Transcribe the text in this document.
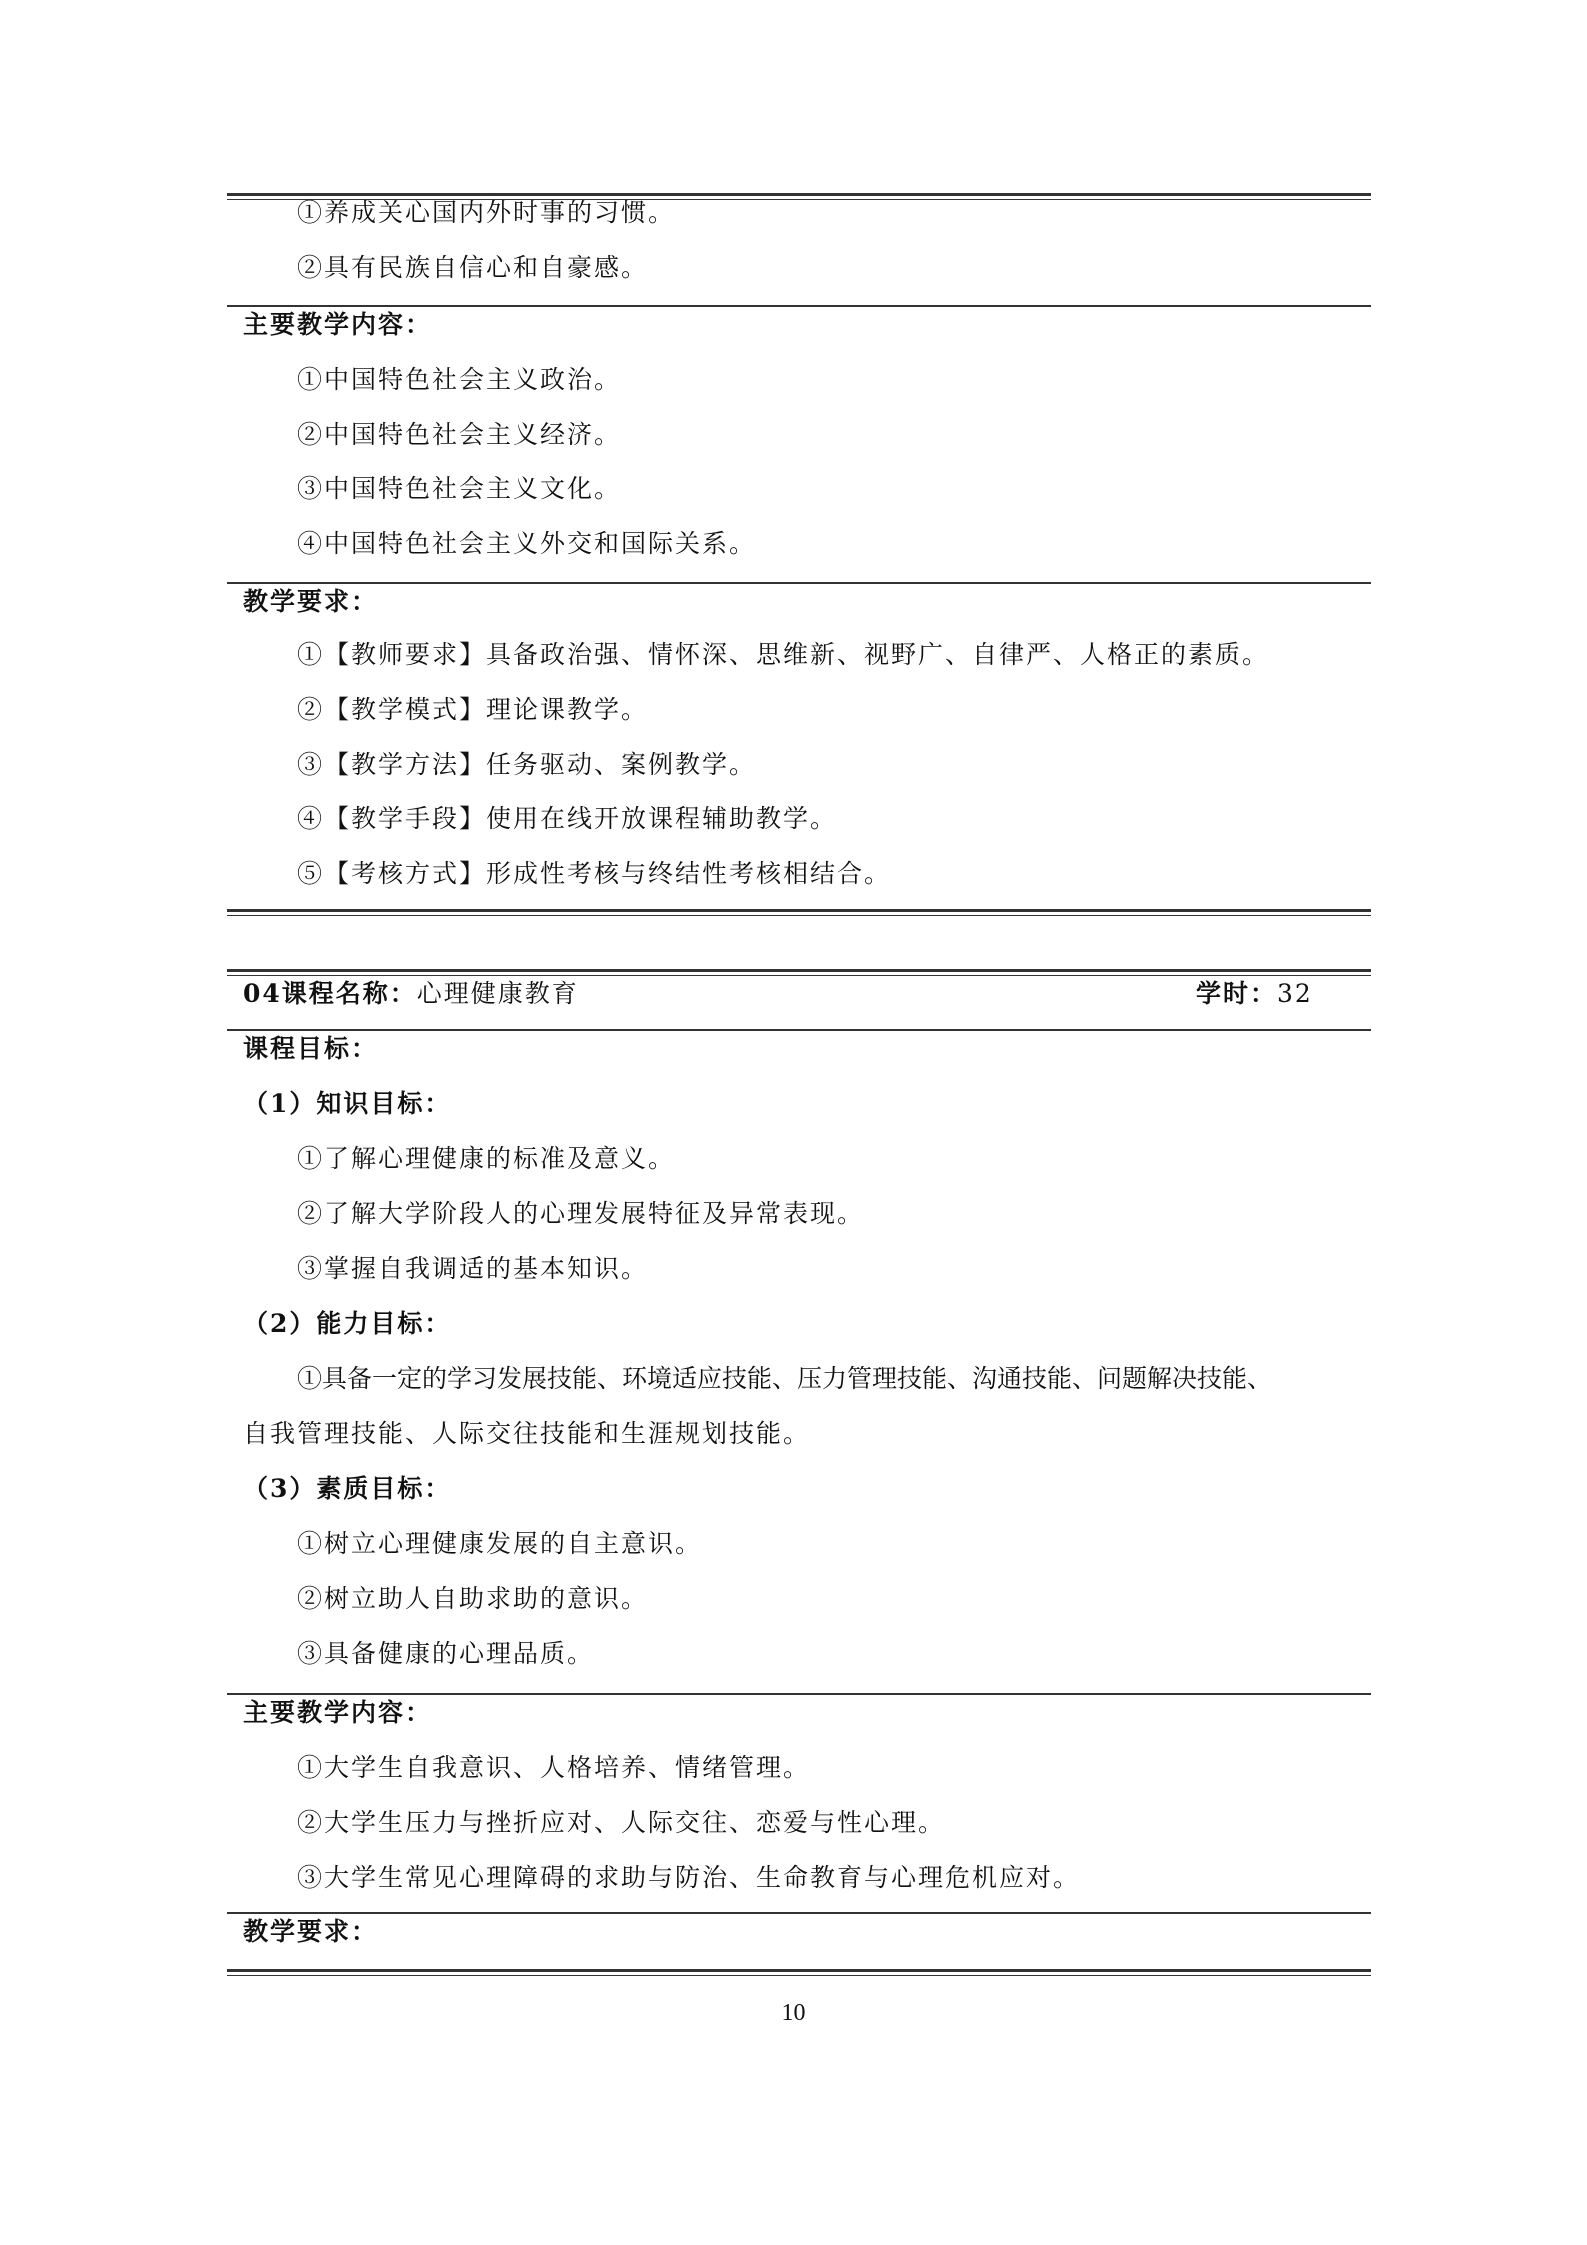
①养成关心国内外时事的习惯。
②具有民族自信心和自豪感。
主要教学内容：
①中国特色社会主义政治。
②中国特色社会主义经济。
③中国特色社会主义文化。
④中国特色社会主义外交和国际关系。
教学要求：
①【教师要求】具备政治强、情怀深、思维新、视野广、自律严、人格正的素质。
②【教学模式】理论课教学。
③【教学方法】任务驱动、案例教学。
④【教学手段】使用在线开放课程辅助教学。
⑤【考核方式】形成性考核与终结性考核相结合。
04课程名称：心理健康教育	学时：32
课程目标：
（1）知识目标：
①了解心理健康的标准及意义。
②了解大学阶段人的心理发展特征及异常表现。
③掌握自我调适的基本知识。
（2）能力目标：
①具备一定的学习发展技能、环境适应技能、压力管理技能、沟通技能、问题解决技能、
自我管理技能、人际交往技能和生涯规划技能。
（3）素质目标：
①树立心理健康发展的自主意识。
②树立助人自助求助的意识。
③具备健康的心理品质。
主要教学内容：
①大学生自我意识、人格培养、情绪管理。
②大学生压力与挫折应对、人际交往、恋爱与性心理。
③大学生常见心理障碍的求助与防治、生命教育与心理危机应对。
教学要求：
10
